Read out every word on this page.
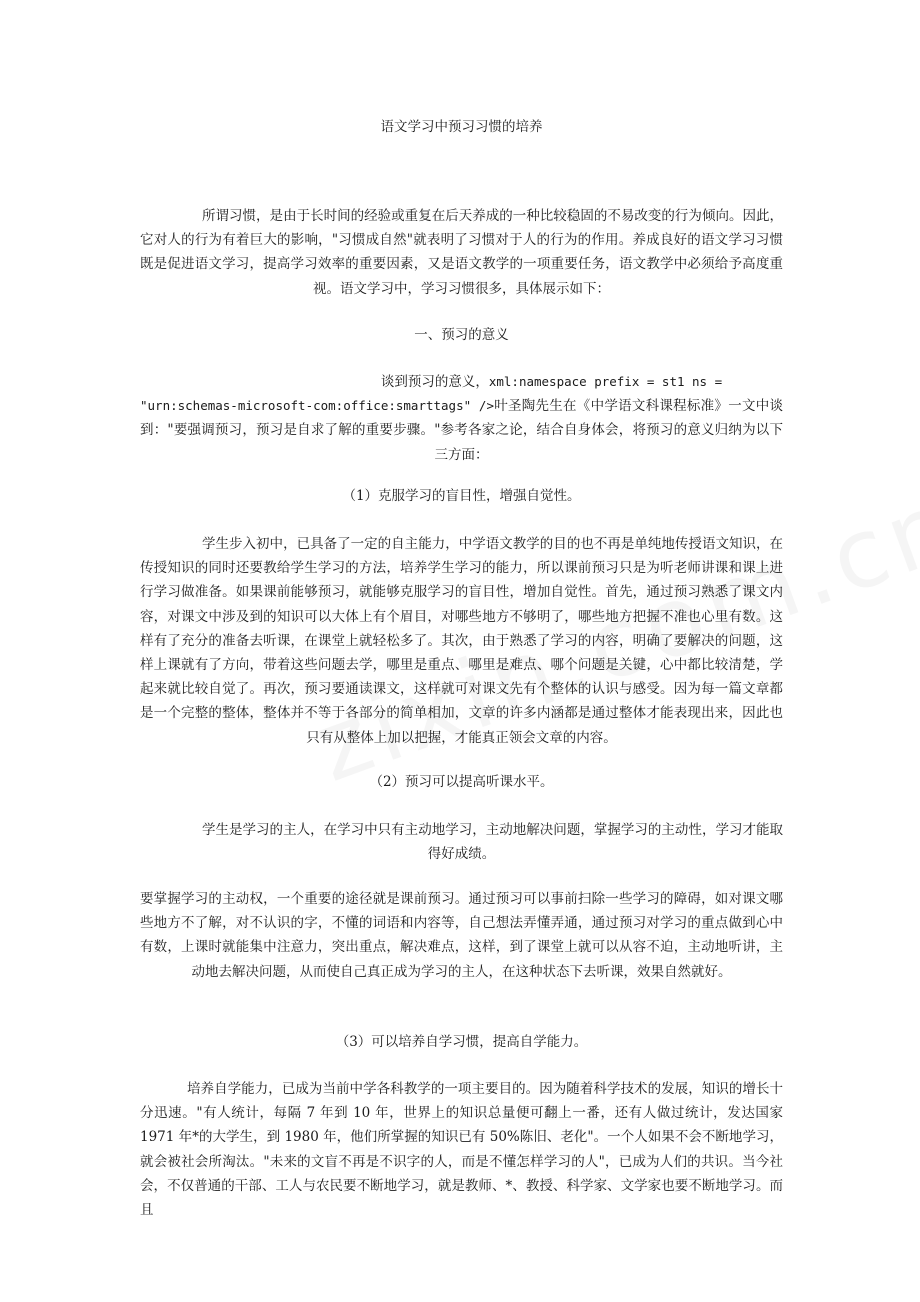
语文学习中预习习惯的培养

所谓习惯，是由于长时间的经验或重复在后天养成的一种比较稳固的不易改变的行为倾向。因此，它对人的行为有着巨大的影响，"习惯成自然"就表明了习惯对于人的行为的作用。养成良好的语文学习习惯既是促进语文学习，提高学习效率的重要因素，又是语文教学的一项重要任务，语文教学中必须给予高度重视。语文学习中，学习习惯很多，具体展示如下：

一、预习的意义

谈到预习的意义，xml:namespace prefix = st1 ns =
"urn:schemas-microsoft-com:office:smarttags" />叶圣陶先生在《中学语文科课程标准》一文中谈到："要强调预习，预习是自求了解的重要步骤。"参考各家之论，结合自身体会，将预习的意义归纳为以下三方面：

（1）克服学习的盲目性，增强自觉性。

学生步入初中，已具备了一定的自主能力，中学语文教学的目的也不再是单纯地传授语文知识，在传授知识的同时还要教给学生学习的方法，培养学生学习的能力，所以课前预习只是为听老师讲课和课上进行学习做准备。如果课前能够预习，就能够克服学习的盲目性，增加自觉性。首先，通过预习熟悉了课文内容，对课文中涉及到的知识可以大体上有个眉目，对哪些地方不够明了，哪些地方把握不准也心里有数。这样有了充分的准备去听课，在课堂上就轻松多了。其次，由于熟悉了学习的内容，明确了要解决的问题，这样上课就有了方向，带着这些问题去学，哪里是重点、哪里是难点、哪个问题是关键，心中都比较清楚，学起来就比较自觉了。再次，预习要通读课文，这样就可对课文先有个整体的认识与感受。因为每一篇文章都是一个完整的整体，整体并不等于各部分的简单相加，文章的许多内涵都是通过整体才能表现出来，因此也只有从整体上加以把握，才能真正领会文章的内容。

（2）预习可以提高听课水平。

学生是学习的主人，在学习中只有主动地学习，主动地解决问题，掌握学习的主动性，学习才能取得好成绩。

要掌握学习的主动权，一个重要的途径就是课前预习。通过预习可以事前扫除一些学习的障碍，如对课文哪些地方不了解，对不认识的字，不懂的词语和内容等，自己想法弄懂弄通，通过预习对学习的重点做到心中有数，上课时就能集中注意力，突出重点，解决难点，这样，到了课堂上就可以从容不迫，主动地听讲，主动地去解决问题，从而使自己真正成为学习的主人，在这种状态下去听课，效果自然就好。

（3）可以培养自学习惯，提高自学能力。

培养自学能力，已成为当前中学各科教学的一项主要目的。因为随着科学技术的发展，知识的增长十分迅速。"有人统计，每隔 7 年到 10 年，世界上的知识总量便可翻上一番，还有人做过统计，发达国家 1971 年*的大学生，到 1980 年，他们所掌握的知识已有 50%陈旧、老化"。一个人如果不会不断地学习，就会被社会所淘汰。"未来的文盲不再是不识字的人，而是不懂怎样学习的人"，已成为人们的共识。当今社会，不仅普通的干部、工人与农民要不断地学习，就是教师、*、教授、科学家、文学家也要不断地学习。而且
